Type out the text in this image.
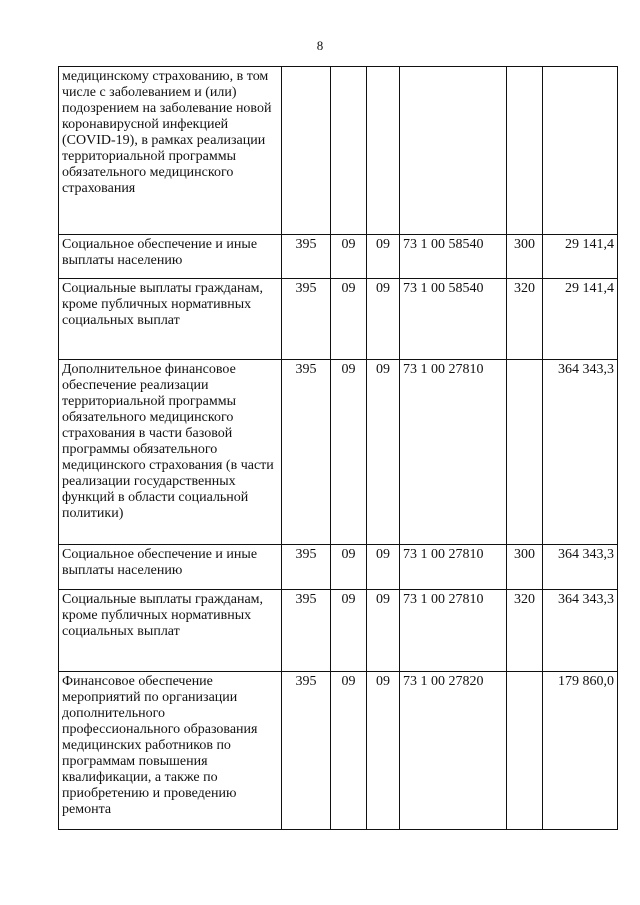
8
медицинскому страхованию, в том числе с заболеванием и (или) подозрением на заболевание новой коронавирусной инфекцией (COVID-19), в рамках реализации территориальной программы обязательного медицинского страхования						
Социальное обеспечение и иные выплаты населению	395	09	09	73 1 00 58540	300	29 141,4
Социальные выплаты гражданам, кроме публичных нормативных социальных выплат	395	09	09	73 1 00 58540	320	29 141,4
Дополнительное финансовое обеспечение реализации территориальной программы обязательного медицинского страхования в части базовой программы обязательного медицинского страхования (в части реализации государственных функций в области социальной политики)	395	09	09	73 1 00 27810		364 343,3
Социальное обеспечение и иные выплаты населению	395	09	09	73 1 00 27810	300	364 343,3
Социальные выплаты гражданам, кроме публичных нормативных социальных выплат	395	09	09	73 1 00 27810	320	364 343,3
Финансовое обеспечение мероприятий по организации дополнительного профессионального образования медицинских работников по программам повышения квалификации, а также по приобретению и проведению ремонта	395	09	09	73 1 00 27820		179 860,0
